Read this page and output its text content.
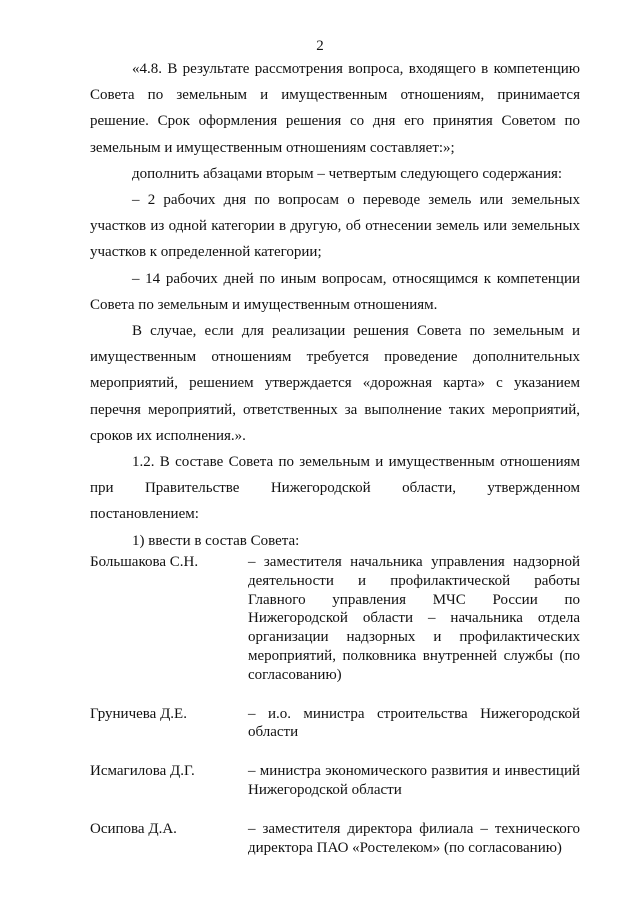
2

«4.8. В результате рассмотрения вопроса, входящего в компетенцию Совета по земельным и имущественным отношениям, принимается решение. Срок оформления решения со дня его принятия Советом по земельным и имущественным отношениям составляет:»;

дополнить абзацами вторым – четвертым следующего содержания:

– 2 рабочих дня по вопросам о переводе земель или земельных участков из одной категории в другую, об отнесении земель или земельных участков к определенной категории;

– 14 рабочих дней по иным вопросам, относящимся к компетенции Совета по земельным и имущественным отношениям.

В случае, если для реализации решения Совета по земельным и имущественным отношениям требуется проведение дополнительных мероприятий, решением утверждается «дорожная карта» с указанием перечня мероприятий, ответственных за выполнение таких мероприятий, сроков их исполнения.».

1.2. В составе Совета по земельным и имущественным отношениям при Правительстве Нижегородской области, утвержденном постановлением:

1) ввести в состав Совета:

Большакова С.Н.	– заместителя начальника управления надзорной деятельности и профилактической работы Главного управления МЧС России по Нижегородской области – начальника отдела организации надзорных и профилактических мероприятий, полковника внутренней службы (по согласованию)
Груничева Д.Е.	– и.о. министра строительства Нижегородской области
Исмагилова Д.Г.	– министра экономического развития и инвестиций Нижегородской области
Осипова Д.А.	– заместителя директора филиала – технического директора ПАО «Ростелеком» (по согласованию)
